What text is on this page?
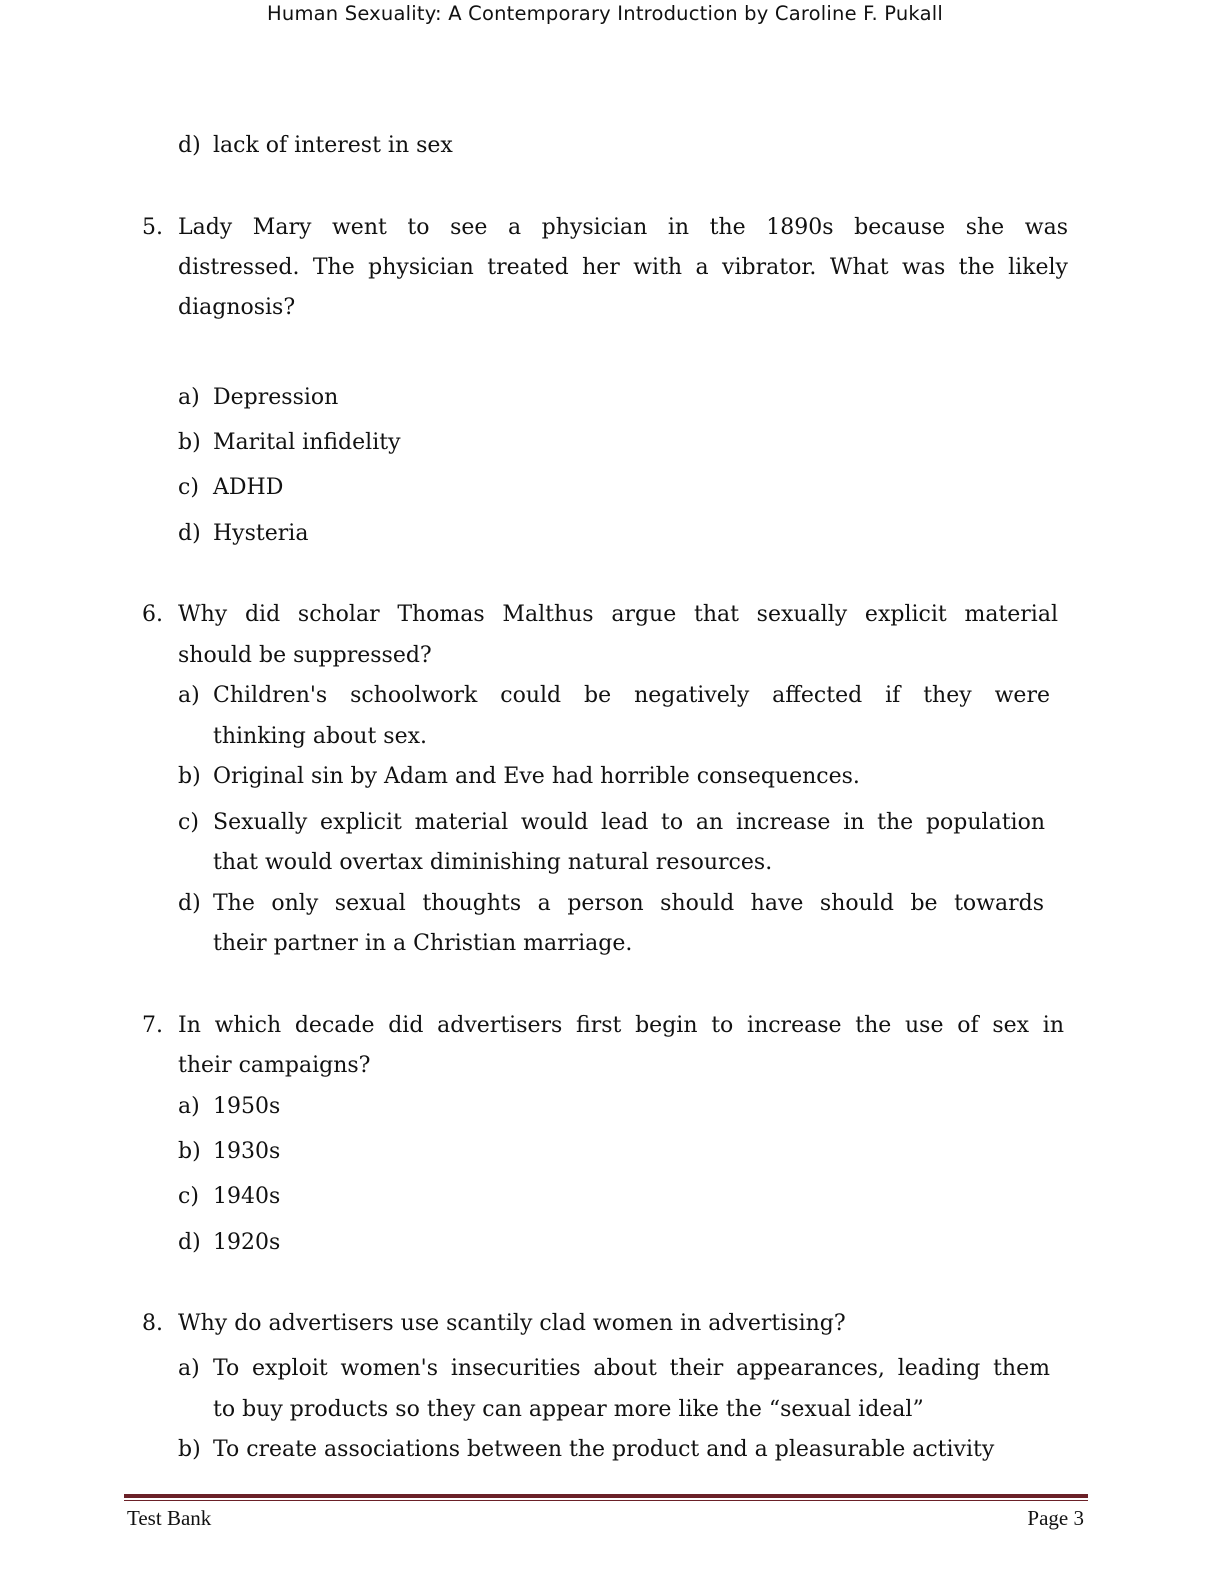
Human Sexuality: A Contemporary Introduction by Caroline F. Pukall
d) lack of interest in sex
5. Lady Mary went to see a physician in the 1890s because she was
distressed. The physician treated her with a vibrator. What was the likely
diagnosis?
a) Depression
b) Marital infidelity
c) ADHD
d) Hysteria
6. Why did scholar Thomas Malthus argue that sexually explicit material
should be suppressed?
a) Children's schoolwork could be negatively affected if they were
thinking about sex.
b) Original sin by Adam and Eve had horrible consequences.
c) Sexually explicit material would lead to an increase in the population
that would overtax diminishing natural resources.
d) The only sexual thoughts a person should have should be towards
their partner in a Christian marriage.
7. In which decade did advertisers first begin to increase the use of sex in
their campaigns?
a) 1950s
b) 1930s
c) 1940s
d) 1920s
8. Why do advertisers use scantily clad women in advertising?
a) To exploit women's insecurities about their appearances, leading them
to buy products so they can appear more like the “sexual ideal”
b) To create associations between the product and a pleasurable activity
Test Bank	Page 3
